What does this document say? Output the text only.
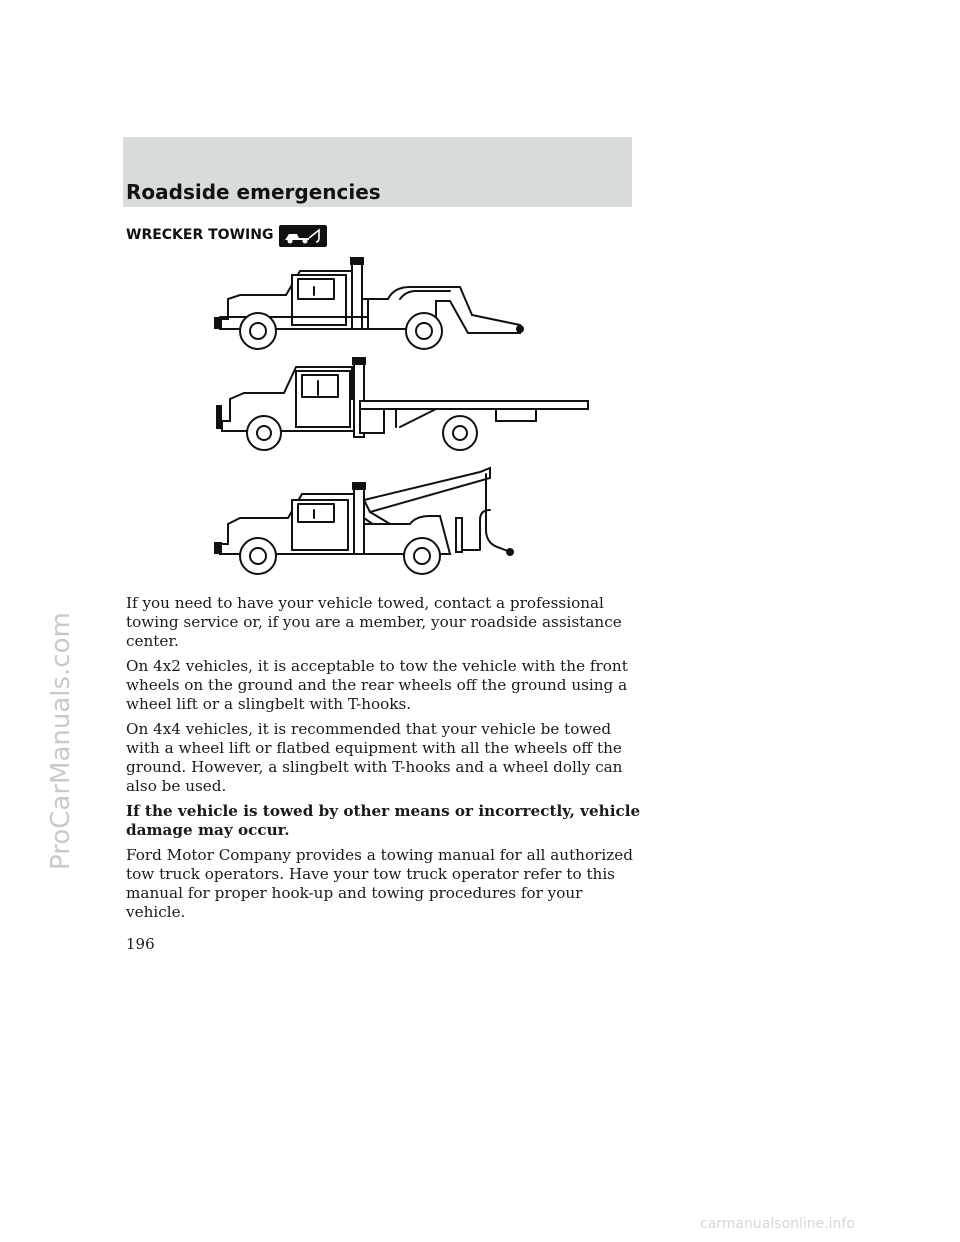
Roadside emergencies
WRECKER TOWING

If you need to have your vehicle towed, contact a professional towing service or, if you are a member, your roadside assistance center.

On 4x2 vehicles, it is acceptable to tow the vehicle with the front wheels on the ground and the rear wheels off the ground using a wheel lift or a slingbelt with T-hooks.

On 4x4 vehicles, it is recommended that your vehicle be towed with a wheel lift or flatbed equipment with all the wheels off the ground. However, a slingbelt with T-hooks and a wheel dolly can also be used.

If the vehicle is towed by other means or incorrectly, vehicle damage may occur.

Ford Motor Company provides a towing manual for all authorized tow truck operators. Have your tow truck operator refer to this manual for proper hook-up and towing procedures for your vehicle.

196
ProCarManuals.com
carmanualsonline.info
